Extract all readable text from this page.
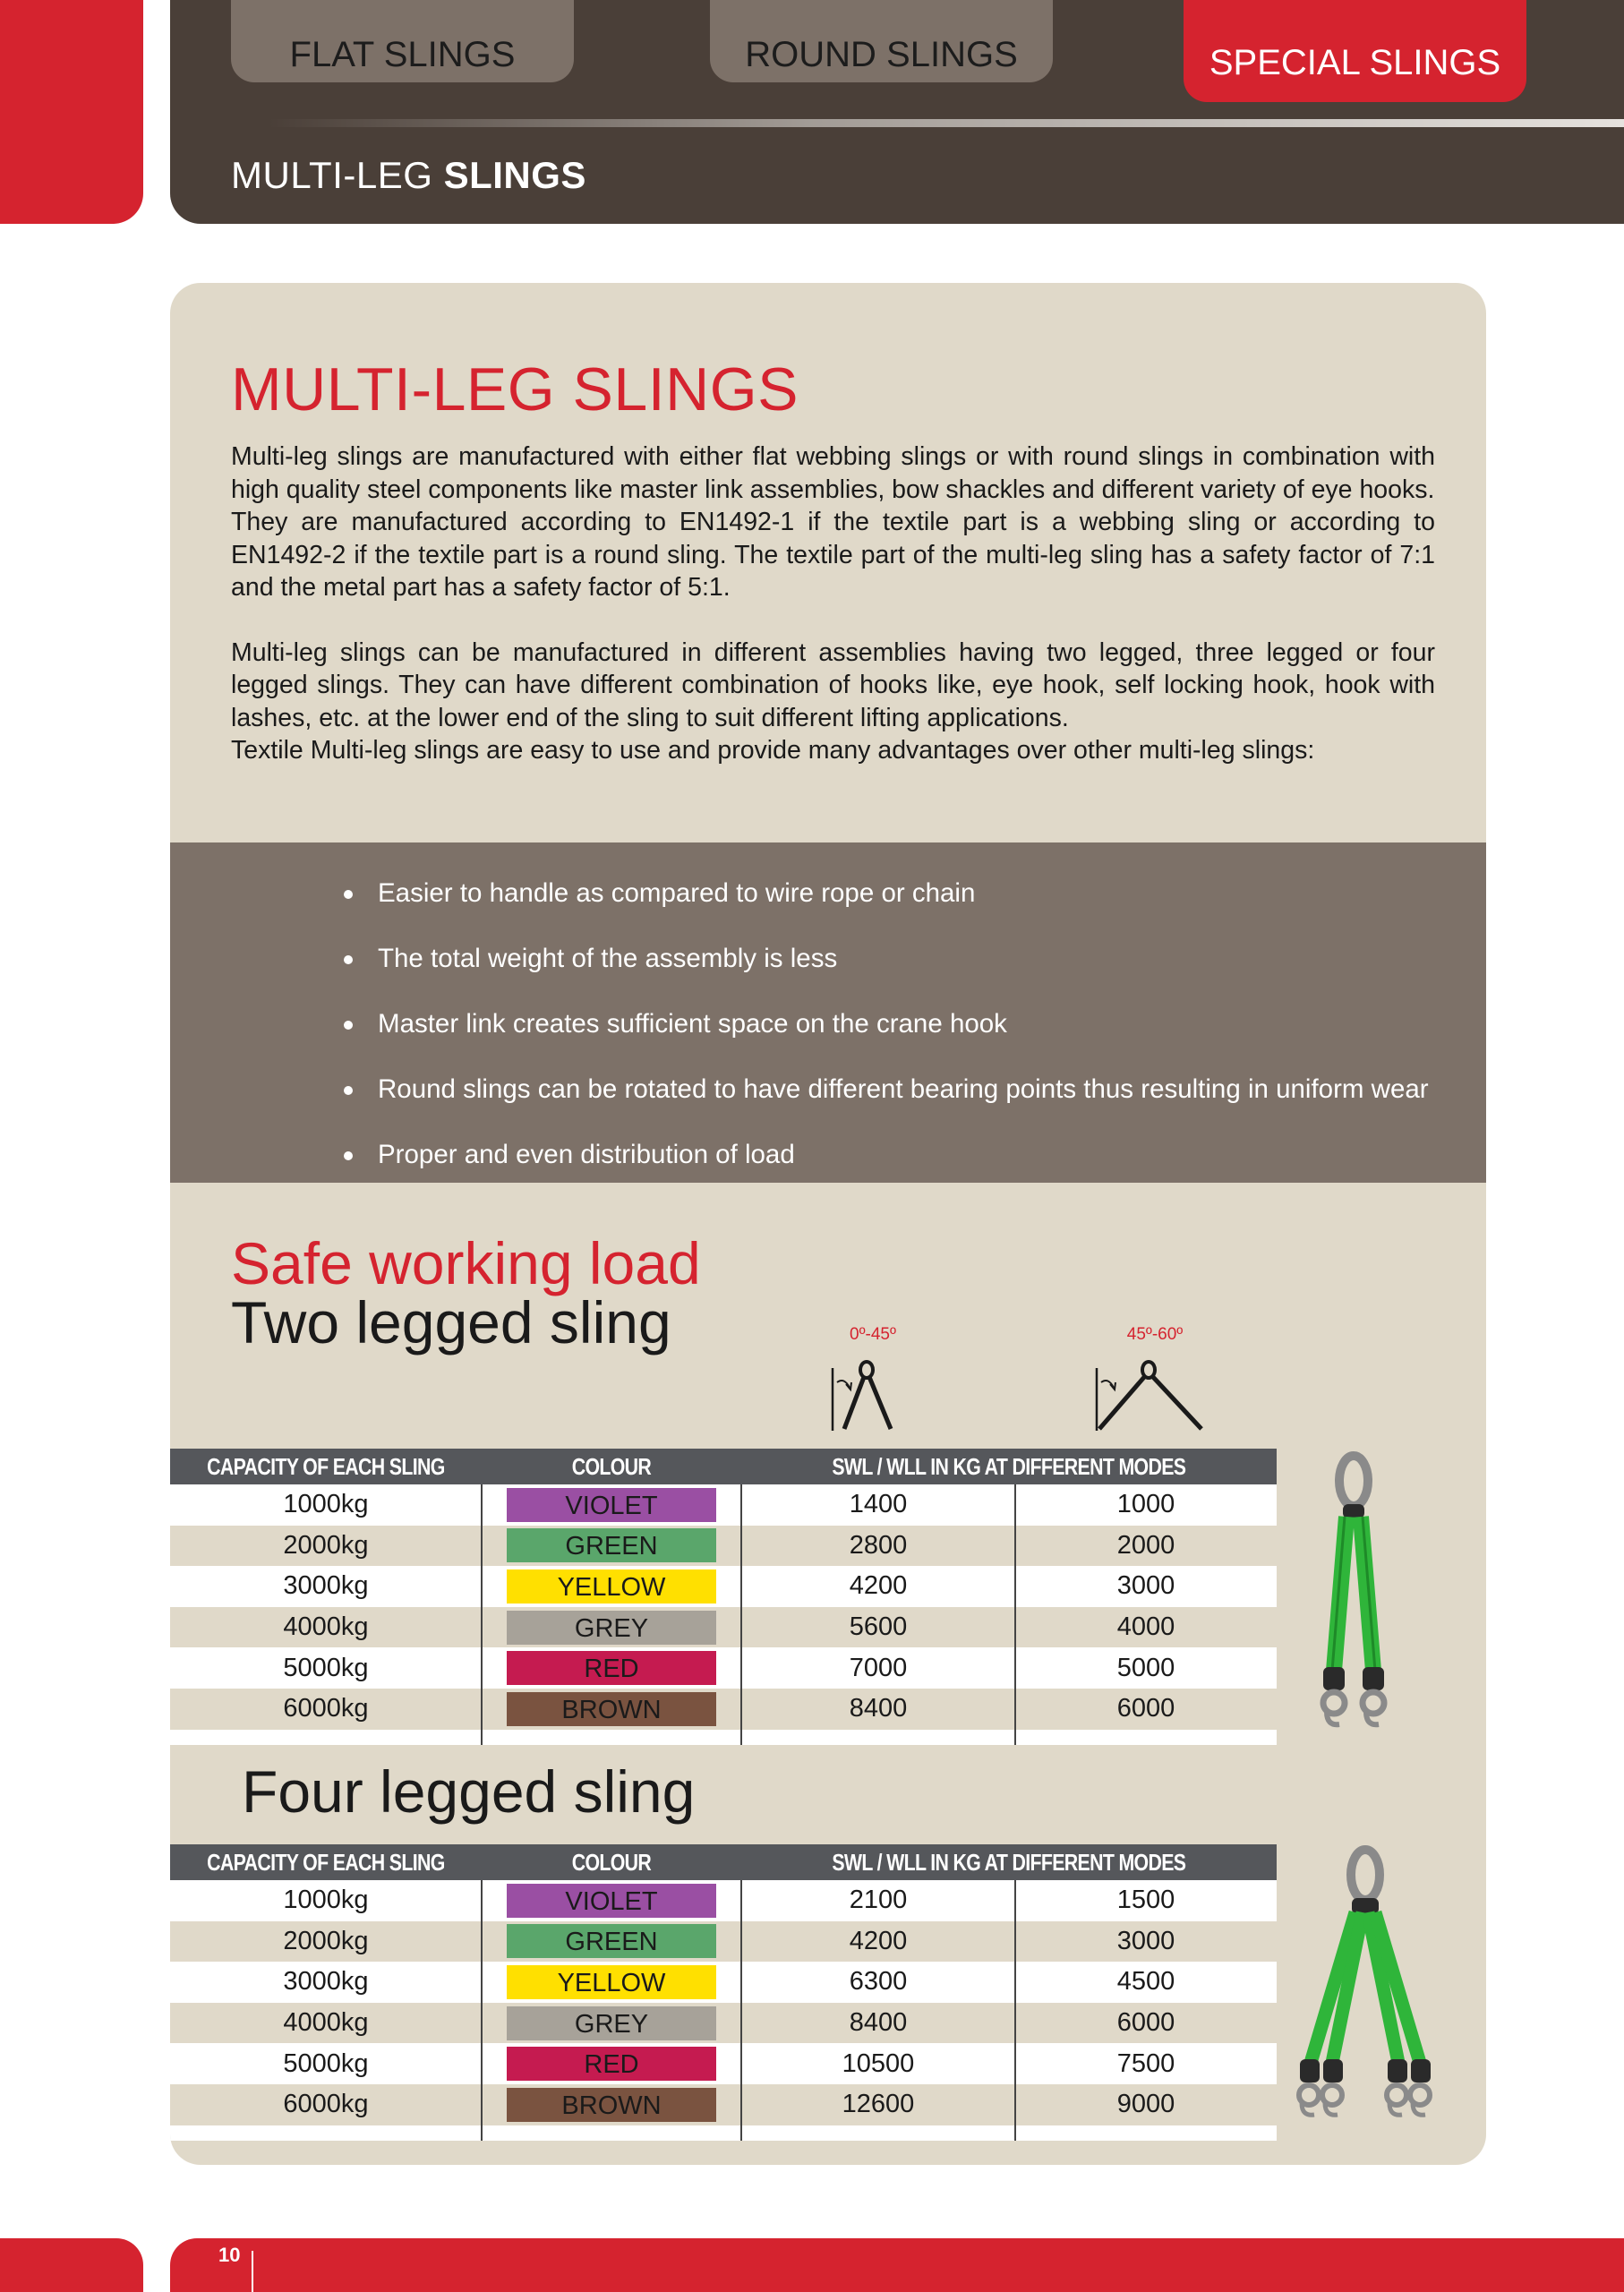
FLAT SLINGS	ROUND SLINGS	SPECIAL SLINGS
MULTI-LEG SLINGS
MULTI-LEG SLINGS

Multi-leg slings are manufactured with either flat webbing slings or with round slings in combination with high quality steel components like master link assemblies, bow shackles and different variety of eye hooks.

They are manufactured according to EN1492-1 if the textile part is a webbing sling or according to EN1492-2 if the textile part is a round sling. The textile part of the multi-leg sling has a safety factor of 7:1 and the metal part has a safety factor of 5:1.

Multi-leg slings can be manufactured in different assemblies having two legged, three legged or four legged slings. They can have different combination of hooks like, eye hook, self locking hook, hook with lashes, etc. at the lower end of the sling to suit different lifting applications.

Textile Multi-leg slings are easy to use and provide many advantages over other multi-leg slings:

Easier to handle as compared to wire rope or chain
The total weight of the assembly is less
Master link creates sufficient space on the crane hook
Round slings can be rotated to have different bearing points thus resulting in uniform wear
Proper and even distribution of load
Safe working load
Two legged sling	0º-45º	45º-60º
CAPACITY OF EACH SLING	COLOUR	SWL / WLL IN KG AT DIFFERENT MODES
1000kg	VIOLET	1400	1000
2000kg	GREEN	2800	2000
3000kg	YELLOW	4200	3000
4000kg	GREY	5600	4000
5000kg	RED	7000	5000
6000kg	BROWN	8400	6000
Four legged sling
CAPACITY OF EACH SLING	COLOUR	SWL / WLL IN KG AT DIFFERENT MODES
1000kg	VIOLET	2100	1500
2000kg	GREEN	4200	3000
3000kg	YELLOW	6300	4500
4000kg	GREY	8400	6000
5000kg	RED	10500	7500
6000kg	BROWN	12600	9000
10
